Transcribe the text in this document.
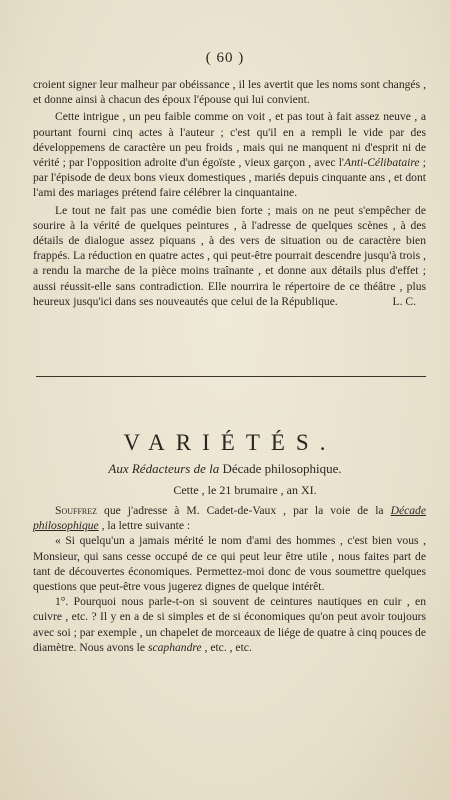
( 60 )

croient signer leur malheur par obéissance , il les avertit que les noms sont changés , et donne ainsi à chacun des époux l'épouse qui lui convient.

Cette intrigue , un peu faible comme on voit , et pas tout à fait assez neuve , a pourtant fourni cinq actes à l'auteur ; c'est qu'il en a rempli le vide par des développemens de caractère un peu froids , mais qui ne manquent ni d'esprit ni de vérité ; par l'opposition adroite d'un égoïste , vieux garçon , avec l'Anti-Célibataire ; par l'épisode de deux bons vieux domestiques , mariés depuis cinquante ans , et dont l'ami des mariages prétend faire célébrer la cinquantaine.

Le tout ne fait pas une comédie bien forte ; mais on ne peut s'empêcher de sourire à la vérité de quelques peintures , à l'adresse de quelques scènes , à des détails de dialogue assez piquans , à des vers de situation ou de caractère bien frappés. La réduction en quatre actes , qui peut-être pourrait descendre jusqu'à trois , a rendu la marche de la pièce moins traînante , et donne aux détails plus d'effet ; aussi réussit-elle sans contradiction. Elle nourrira le répertoire de ce théâtre , plus heureux jusqu'ici dans ses nouveautés que celui de la République.	L. C.

VARIÉTÉS.
Aux Rédacteurs de la Décade philosophique.
Cette , le 21 brumaire , an XI.

Souffrez que j'adresse à M. Cadet-de-Vaux , par la voie de la Décade philosophique , la lettre suivante :

« Si quelqu'un a jamais mérité le nom d'ami des hommes , c'est bien vous , Monsieur, qui sans cesse occupé de ce qui peut leur être utile , nous faites part de tant de découvertes économiques. Permettez-moi donc de vous soumettre quelques questions que peut-être vous jugerez dignes de quelque intérêt.

1°. Pourquoi nous parle-t-on si souvent de ceintures nautiques en cuir , en cuivre , etc. ? Il y en a de si simples et de si économiques qu'on peut avoir toujours avec soi ; par exemple , un chapelet de morceaux de liége de quatre à cinq pouces de diamètre. Nous avons le scaphandre , etc. , etc.
